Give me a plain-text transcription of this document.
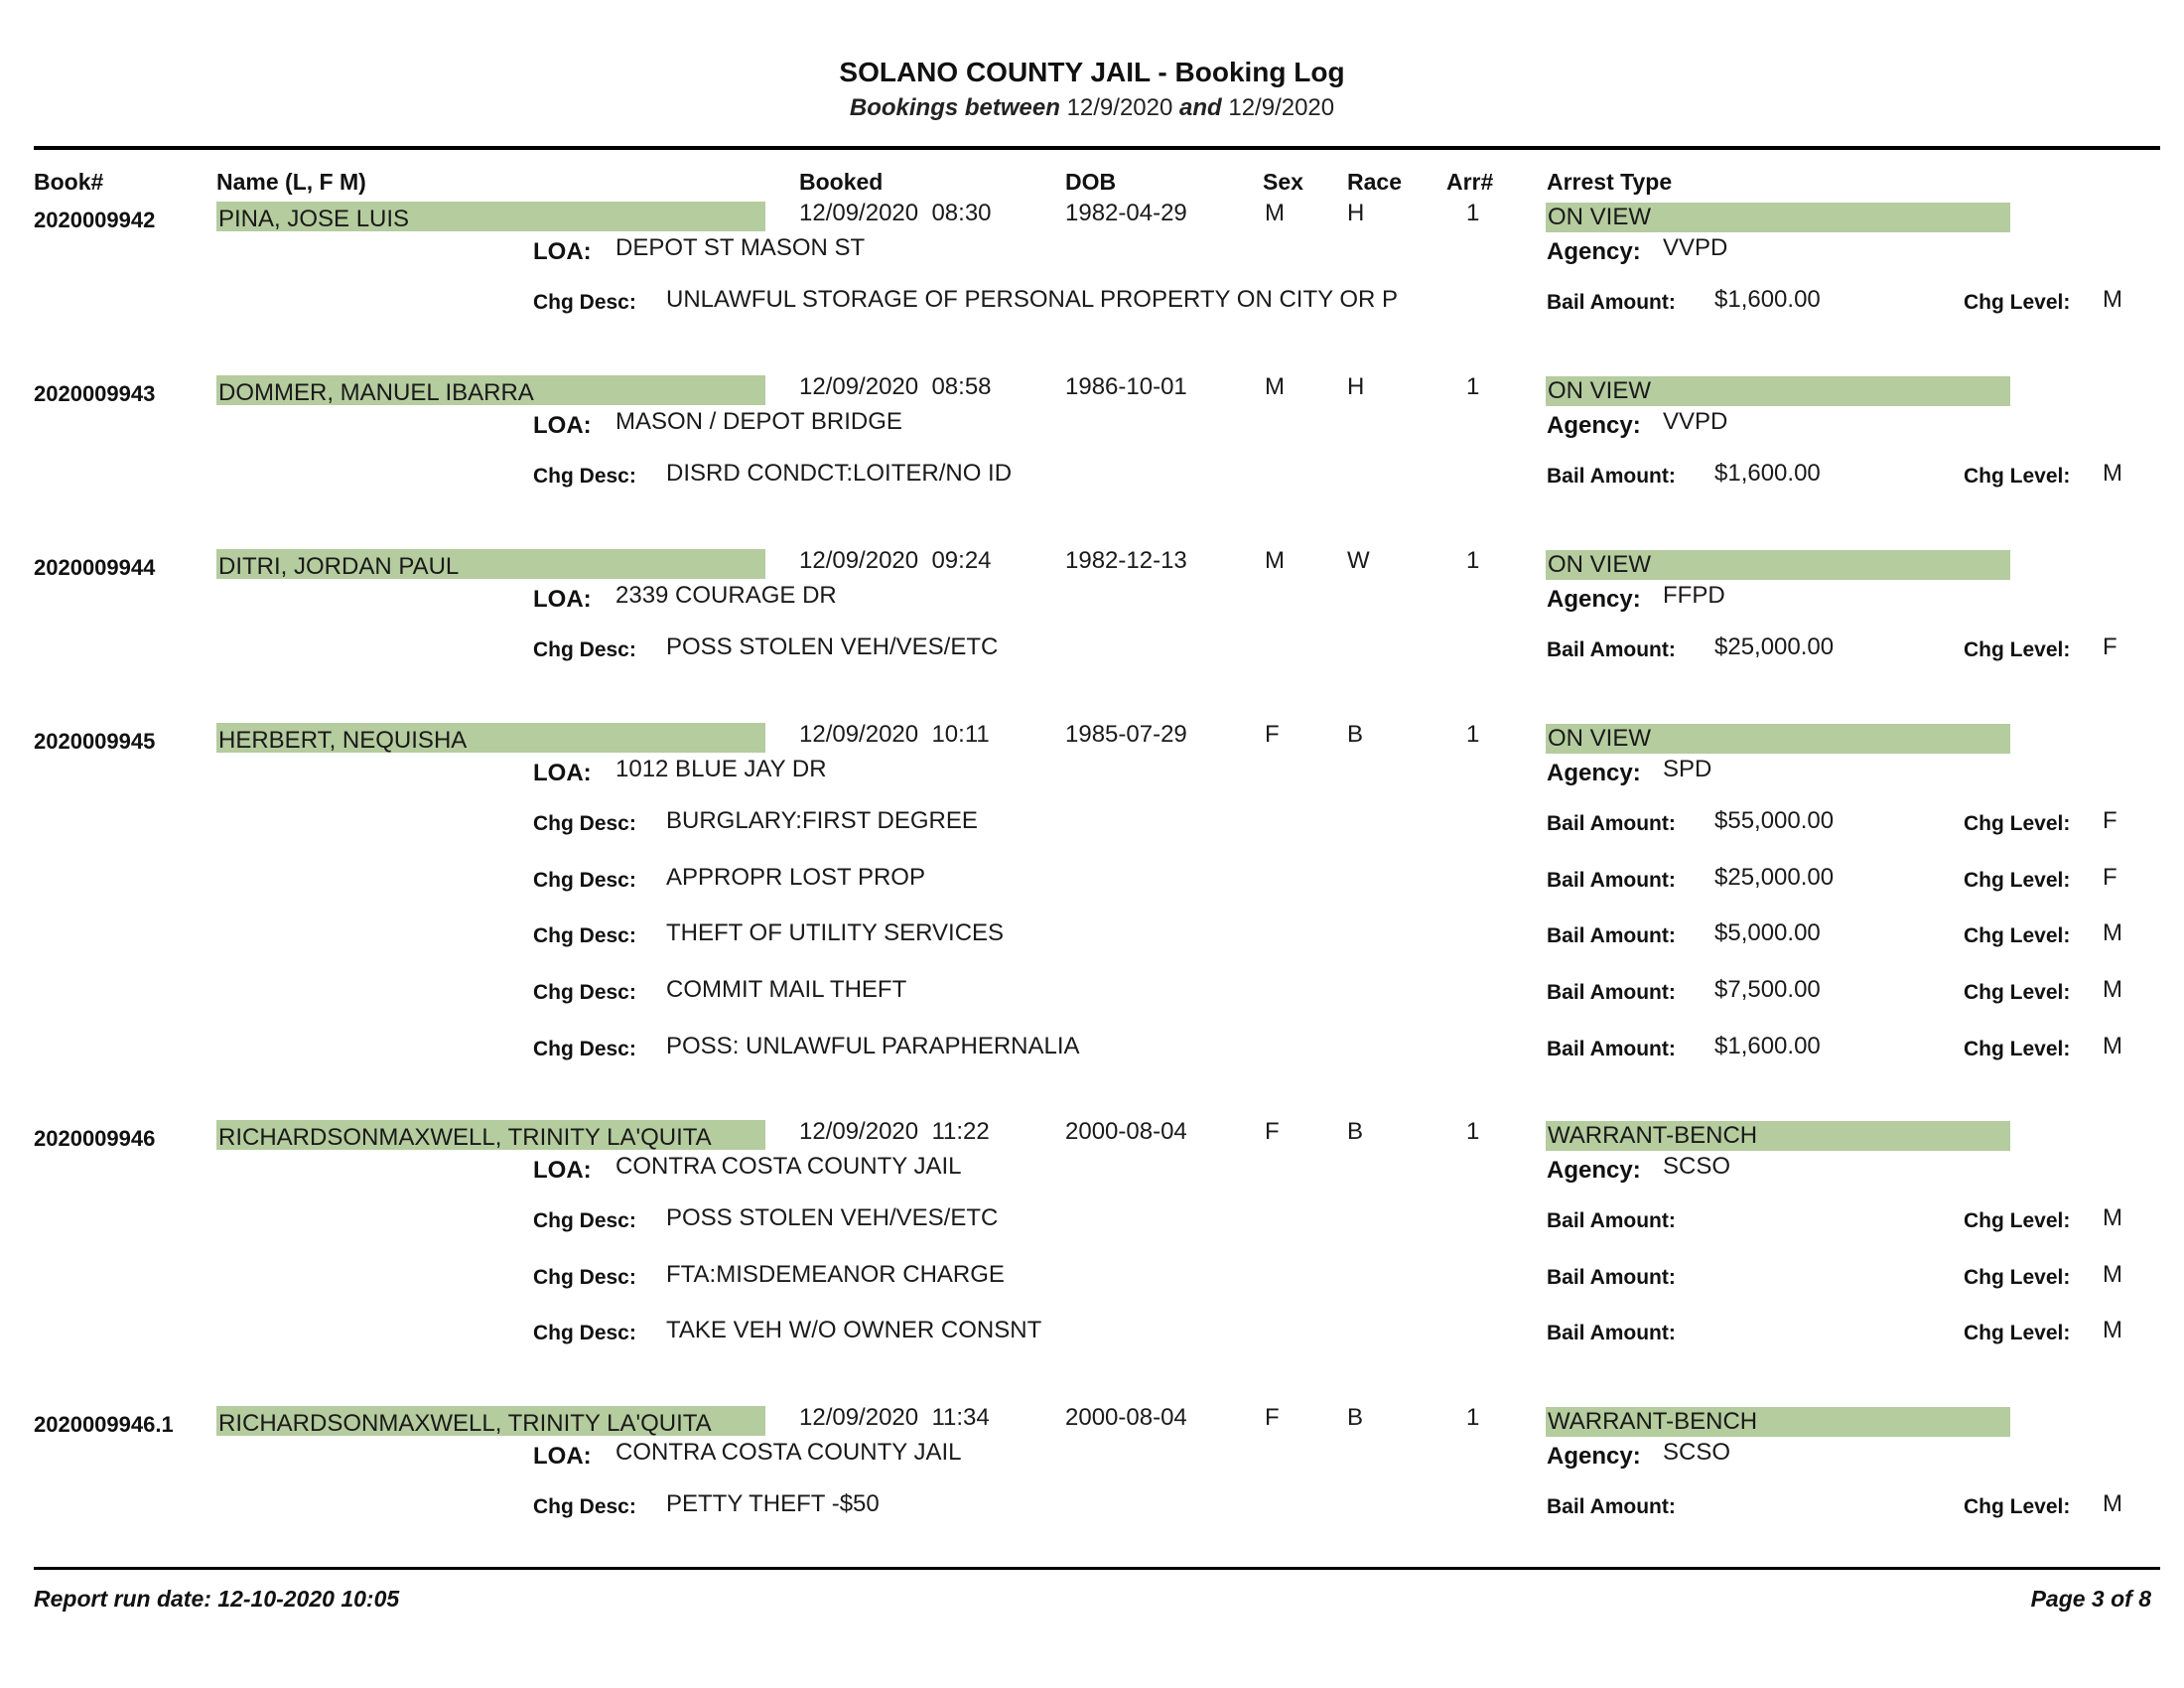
SOLANO COUNTY JAIL - Booking Log
Bookings between 12/9/2020 and 12/9/2020
Book#	Name (L, F M)	Booked	DOB	Sex Race Arr# Arrest Type
2020009942	PINA, JOSE LUIS	12/09/2020  08:30	1982-04-29	M	H	1	ON VIEW
LOA: DEPOT ST MASON ST	Agency: VVPD
Chg Desc: UNLAWFUL STORAGE OF PERSONAL PROPERTY ON CITY OR P	Bail Amount: $1,600.00	Chg Level: M
2020009943	DOMMER, MANUEL IBARRA	12/09/2020  08:58	1986-10-01	M	H	1	ON VIEW
LOA: MASON / DEPOT BRIDGE	Agency: VVPD
Chg Desc: DISRD CONDCT:LOITER/NO ID	Bail Amount: $1,600.00	Chg Level: M
2020009944	DITRI, JORDAN PAUL	12/09/2020  09:24	1982-12-13	M	W	1	ON VIEW
LOA: 2339 COURAGE DR	Agency: FFPD
Chg Desc: POSS STOLEN VEH/VES/ETC	Bail Amount: $25,000.00	Chg Level: F
2020009945	HERBERT, NEQUISHA	12/09/2020  10:11	1985-07-29	F	B	1	ON VIEW
LOA: 1012 BLUE JAY DR	Agency: SPD
Chg Desc: BURGLARY:FIRST DEGREE	Bail Amount: $55,000.00	Chg Level: F
Chg Desc: APPROPR LOST PROP	Bail Amount: $25,000.00	Chg Level: F
Chg Desc: THEFT OF UTILITY SERVICES	Bail Amount: $5,000.00	Chg Level: M
Chg Desc: COMMIT MAIL THEFT	Bail Amount: $7,500.00	Chg Level: M
Chg Desc: POSS: UNLAWFUL PARAPHERNALIA	Bail Amount: $1,600.00	Chg Level: M
2020009946	RICHARDSONMAXWELL, TRINITY LA'QUITA	12/09/2020  11:22	2000-08-04	F	B	1	WARRANT-BENCH
LOA: CONTRA COSTA COUNTY JAIL	Agency: SCSO
Chg Desc: POSS STOLEN VEH/VES/ETC	Bail Amount:	Chg Level: M
Chg Desc: FTA:MISDEMEANOR CHARGE	Bail Amount:	Chg Level: M
Chg Desc: TAKE VEH W/O OWNER CONSNT	Bail Amount:	Chg Level: M
2020009946.1 RICHARDSONMAXWELL, TRINITY LA'QUITA	12/09/2020  11:34	2000-08-04	F	B	1	WARRANT-BENCH
LOA: CONTRA COSTA COUNTY JAIL	Agency: SCSO
Chg Desc: PETTY THEFT -$50	Bail Amount:	Chg Level: M
Report run date: 12-10-2020 10:05	Page 3 of 8
